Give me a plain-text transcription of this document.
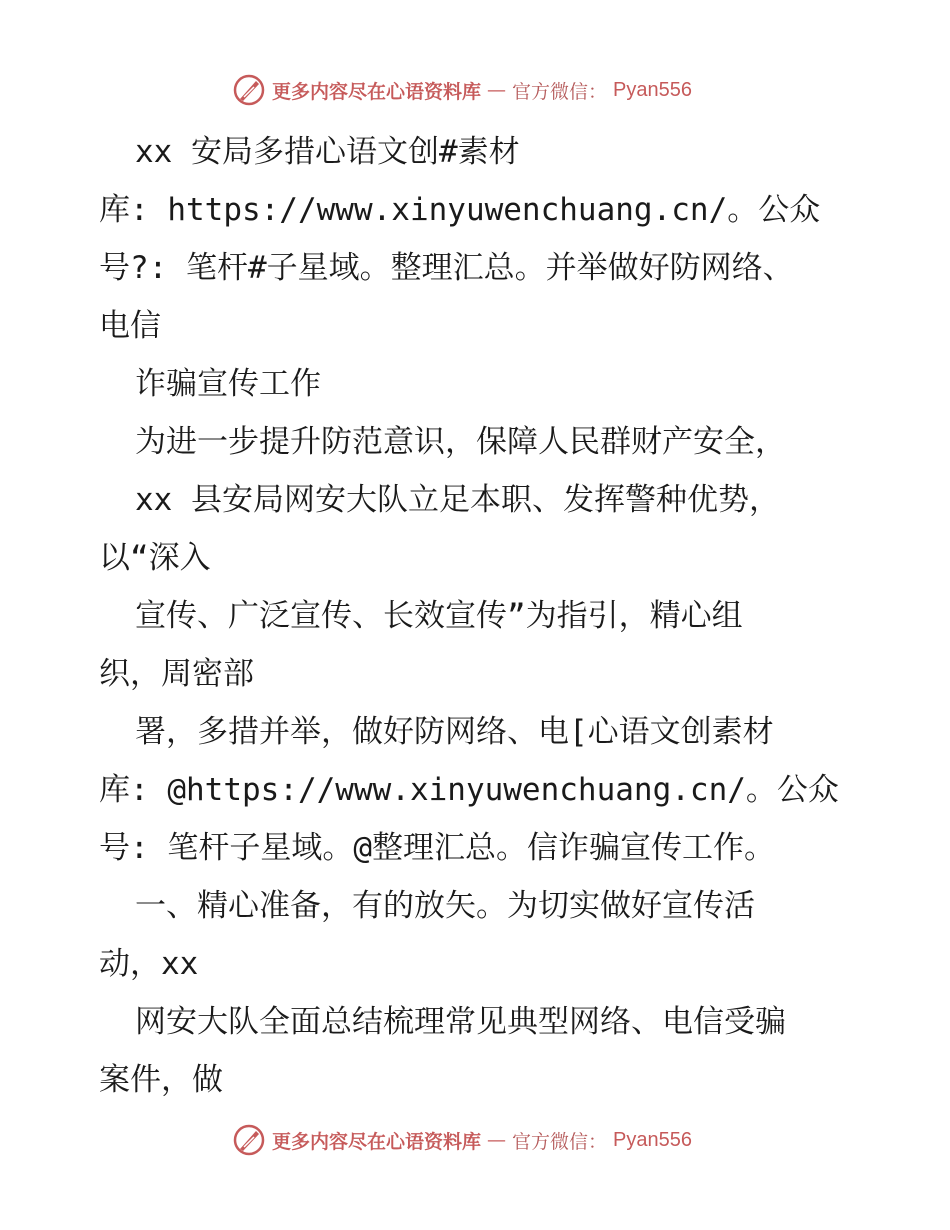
更多内容尽在心语资料库 — 官方微信： Pyan556
xx 安局多措心语文创#素材
库: https://www.xinyuwenchuang.cn/。公众
号?: 笔杆#子星域。整理汇总。并举做好防网络、
电信
诈骗宣传工作
为进一步提升防范意识，保障人民群财产安全，
xx 县安局网安大队立足本职、发挥警种优势，
以“深入
宣传、广泛宣传、长效宣传”为指引，精心组
织，周密部
署，多措并举，做好防网络、电[心语文创素材
库: @https://www.xinyuwenchuang.cn/。公众
号: 笔杆子星域。@整理汇总。信诈骗宣传工作。
一、精心准备，有的放矢。为切实做好宣传活
动，xx
网安大队全面总结梳理常见典型网络、电信受骗
案件，做
更多内容尽在心语资料库 — 官方微信： Pyan556
